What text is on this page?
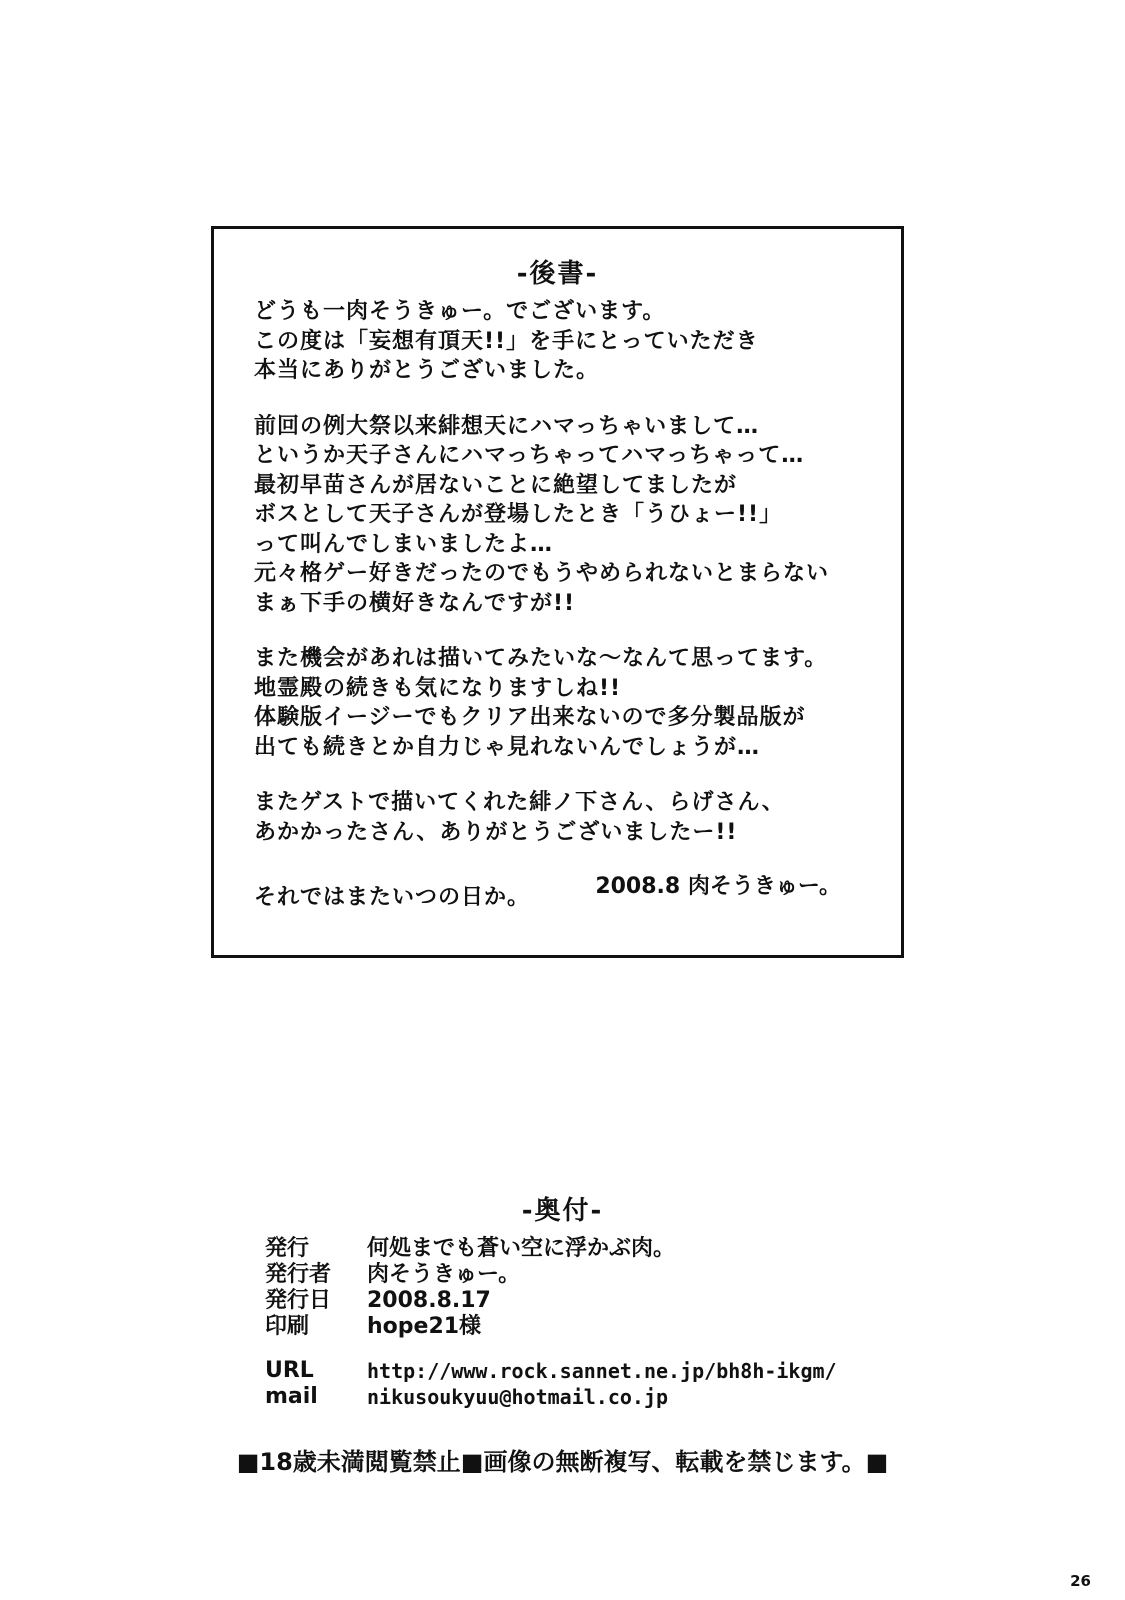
-後書-
どうも一肉そうきゅー。でございます。
この度は「妄想有頂天!!」を手にとっていただき
本当にありがとうございました。
前回の例大祭以来緋想天にハマっちゃいまして…
というか天子さんにハマっちゃってハマっちゃって…
最初早苗さんが居ないことに絶望してましたが
ボスとして天子さんが登場したとき「うひょー!!」
って叫んでしまいましたよ…
元々格ゲー好きだったのでもうやめられないとまらない
まぁ下手の横好きなんですが!!
また機会があれは描いてみたいな～なんて思ってます。
地霊殿の続きも気になりますしね!!
体験版イージーでもクリア出来ないので多分製品版が
出ても続きとか自力じゃ見れないんでしょうが…
またゲストで描いてくれた緋ノ下さん、らげさん、
あかかったさん、ありがとうございましたー!!
それではまたいつの日か。	2008.8 肉そうきゅー。
-奥付-
発行	何処までも蒼い空に浮かぶ肉。
発行者	肉そうきゅー。
発行日	2008.8.17
印刷	hope21様
URL	http://www.rock.sannet.ne.jp/bh8h-ikgm/
mail	nikusoukyuu@hotmail.co.jp
■18歳未満閲覧禁止■画像の無断複写、転載を禁じます。■
26
